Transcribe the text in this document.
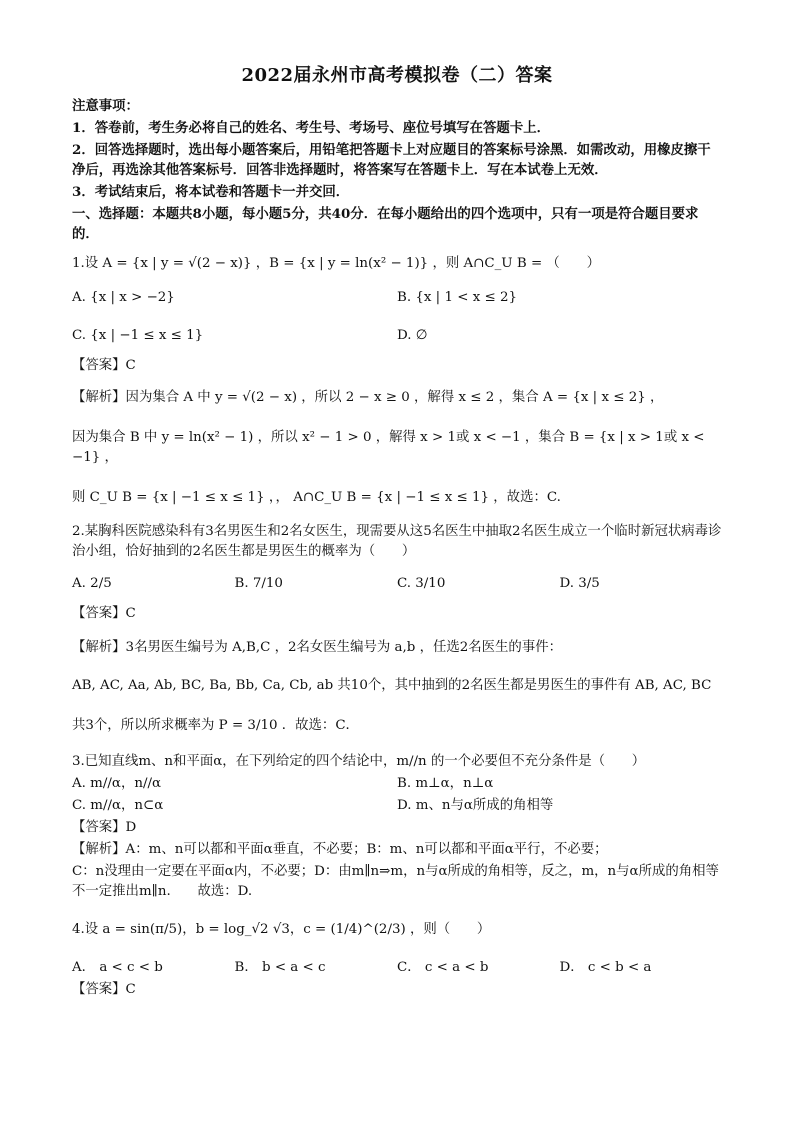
2022届永州市高考模拟卷（二）答案

注意事项：

1．答卷前，考生务必将自己的姓名、考生号、考场号、座位号填写在答题卡上．

2．回答选择题时，选出每小题答案后，用铅笔把答题卡上对应题目的答案标号涂黑．如需改动，用橡皮擦干净后，再选涂其他答案标号．回答非选择题时，将答案写在答题卡上．写在本试卷上无效．

3．考试结束后，将本试卷和答题卡一并交回．

一、选择题：本题共8小题，每小题5分，共40分．在每小题给出的四个选项中，只有一项是符合题目要求的．

1.设 A = {x | y = √(2 − x)} ，B = {x | y = ln(x² − 1)} ，则 A∩C_U B = （　　）

A. {x | x > −2}	B. {x | 1 < x ≤ 2}
C. {x | −1 ≤ x ≤ 1}	D. ∅

【答案】C

【解析】因为集合 A 中 y = √(2 − x) ，所以 2 − x ≥ 0 ，解得 x ≤ 2 ，集合 A = {x | x ≤ 2} ，

因为集合 B 中 y = ln(x² − 1) ，所以 x² − 1 > 0 ，解得 x > 1或 x < −1 ，集合 B = {x | x > 1或 x < −1} ，

则 C_U B = {x | −1 ≤ x ≤ 1} ，， A∩C_U B = {x | −1 ≤ x ≤ 1} ，故选：C.

2.某胸科医院感染科有3名男医生和2名女医生，现需要从这5名医生中抽取2名医生成立一个临时新冠状病毒诊治小组，恰好抽到的2名医生都是男医生的概率为（　　）

A. 2/5	B. 7/10	C. 3/10	D. 3/5

【答案】C

【解析】3名男医生编号为 A,B,C ，2名女医生编号为 a,b ，任选2名医生的事件：

AB, AC, Aa, Ab, BC, Ba, Bb, Ca, Cb, ab 共10个，其中抽到的2名医生都是男医生的事件有 AB, AC, BC

共3个，所以所求概率为 P = 3/10 ．故选：C．

3.已知直线m、n和平面α，在下列给定的四个结论中，m//n 的一个必要但不充分条件是（　　）

A. m//α，n//α	B. m⊥α，n⊥α
C. m//α，n⊂α	D. m、n与α所成的角相等

【答案】D

【解析】A：m、n可以都和平面α垂直，不必要；B：m、n可以都和平面α平行，不必要；

C：n没理由一定要在平面α内，不必要；D：由m∥n⇒m，n与α所成的角相等，反之，m，n与α所成的角相等不一定推出m∥n.　　故选：D.

4.设 a = sin(π/5)，b = log_√2 √3，c = (1/4)^(2/3) ，则（　　）

A． a < c < b	B． b < a < c	C． c < a < b	D． c < b < a

【答案】C
